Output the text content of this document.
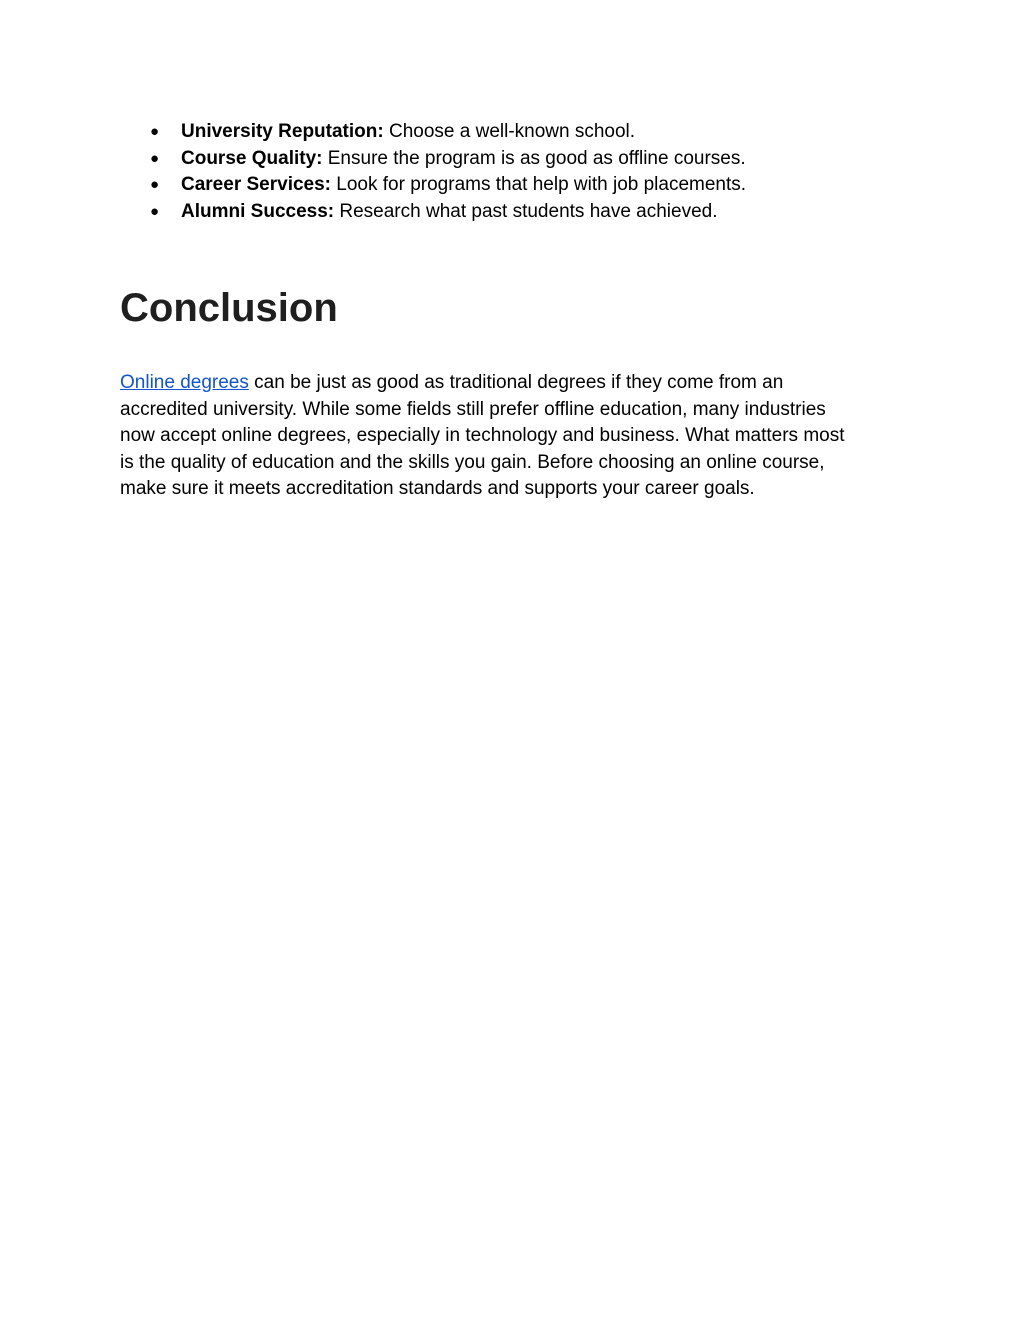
● University Reputation: Choose a well-known school.
● Course Quality: Ensure the program is as good as offline courses.
● Career Services: Look for programs that help with job placements.
● Alumni Success: Research what past students have achieved.
Conclusion

Online degrees can be just as good as traditional degrees if they come from an
accredited university. While some fields still prefer offline education, many industries
now accept online degrees, especially in technology and business. What matters most
is the quality of education and the skills you gain. Before choosing an online course,
make sure it meets accreditation standards and supports your career goals.
